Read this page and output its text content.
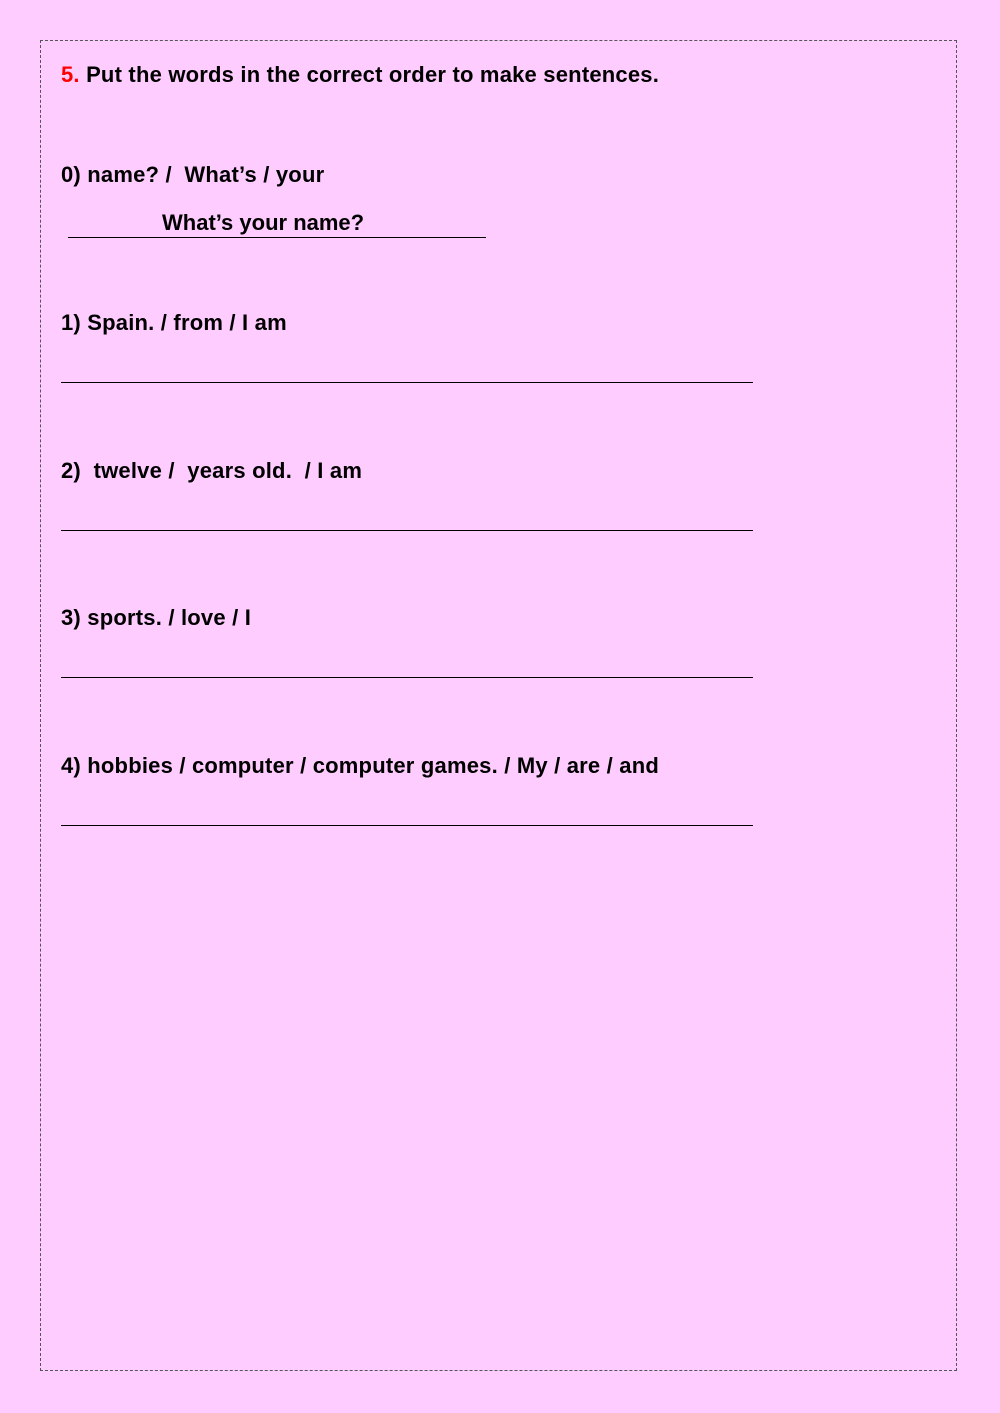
5. Put the words in the correct order to make sentences.
0) name? /  What’s / your
What’s your name?
1) Spain. / from / I am
2)  twelve /  years old.  / I am
3) sports. / love / I
4) hobbies / computer / computer games. / My / are / and
